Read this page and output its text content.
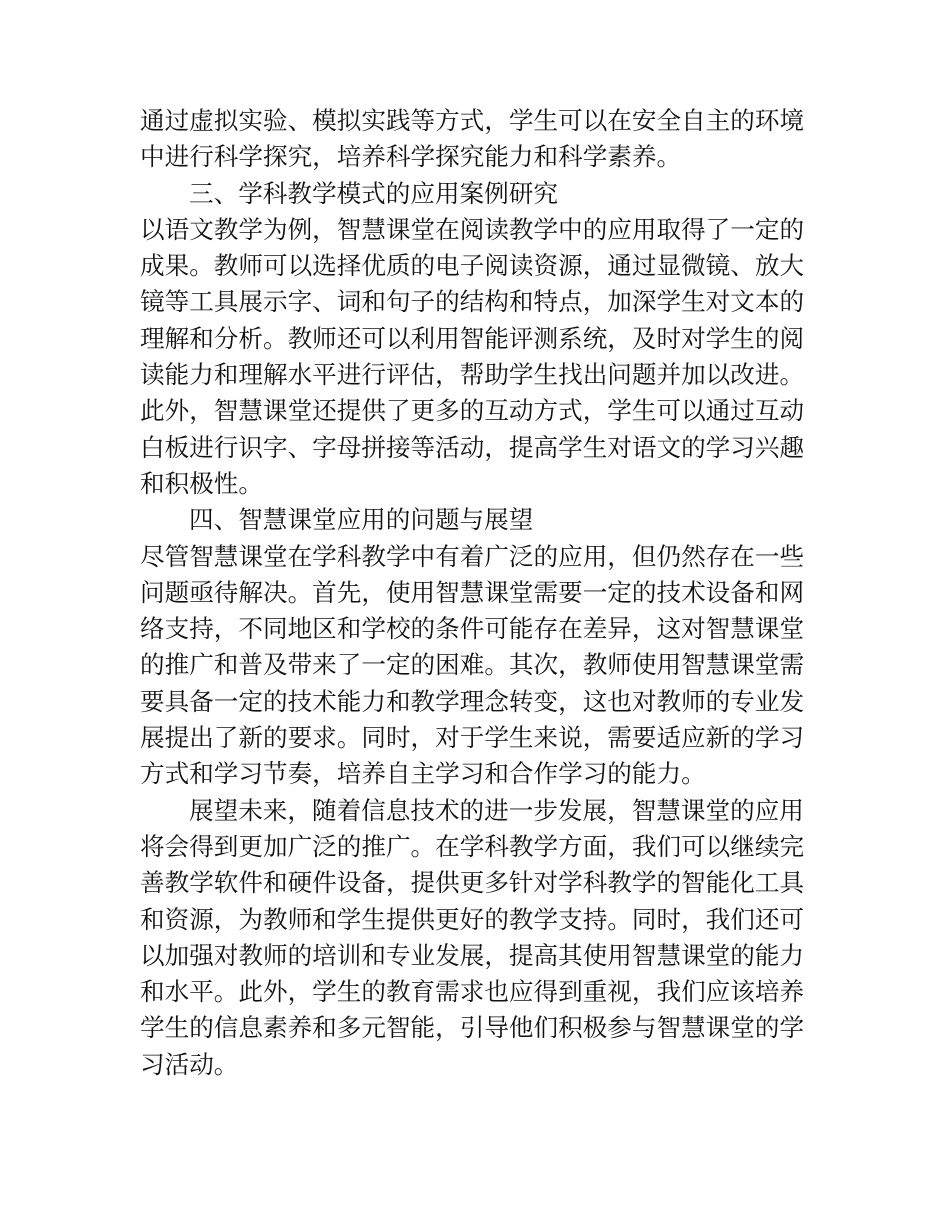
通过虚拟实验、模拟实践等方式，学生可以在安全自主的环境
中进行科学探究，培养科学探究能力和科学素养。
三、学科教学模式的应用案例研究
以语文教学为例，智慧课堂在阅读教学中的应用取得了一定的
成果。教师可以选择优质的电子阅读资源，通过显微镜、放大
镜等工具展示字、词和句子的结构和特点，加深学生对文本的
理解和分析。教师还可以利用智能评测系统，及时对学生的阅
读能力和理解水平进行评估，帮助学生找出问题并加以改进。
此外，智慧课堂还提供了更多的互动方式，学生可以通过互动
白板进行识字、字母拼接等活动，提高学生对语文的学习兴趣
和积极性。
四、智慧课堂应用的问题与展望
尽管智慧课堂在学科教学中有着广泛的应用，但仍然存在一些
问题亟待解决。首先，使用智慧课堂需要一定的技术设备和网
络支持，不同地区和学校的条件可能存在差异，这对智慧课堂
的推广和普及带来了一定的困难。其次，教师使用智慧课堂需
要具备一定的技术能力和教学理念转变，这也对教师的专业发
展提出了新的要求。同时，对于学生来说，需要适应新的学习
方式和学习节奏，培养自主学习和合作学习的能力。
展望未来，随着信息技术的进一步发展，智慧课堂的应用
将会得到更加广泛的推广。在学科教学方面，我们可以继续完
善教学软件和硬件设备，提供更多针对学科教学的智能化工具
和资源，为教师和学生提供更好的教学支持。同时，我们还可
以加强对教师的培训和专业发展，提高其使用智慧课堂的能力
和水平。此外，学生的教育需求也应得到重视，我们应该培养
学生的信息素养和多元智能，引导他们积极参与智慧课堂的学
习活动。
